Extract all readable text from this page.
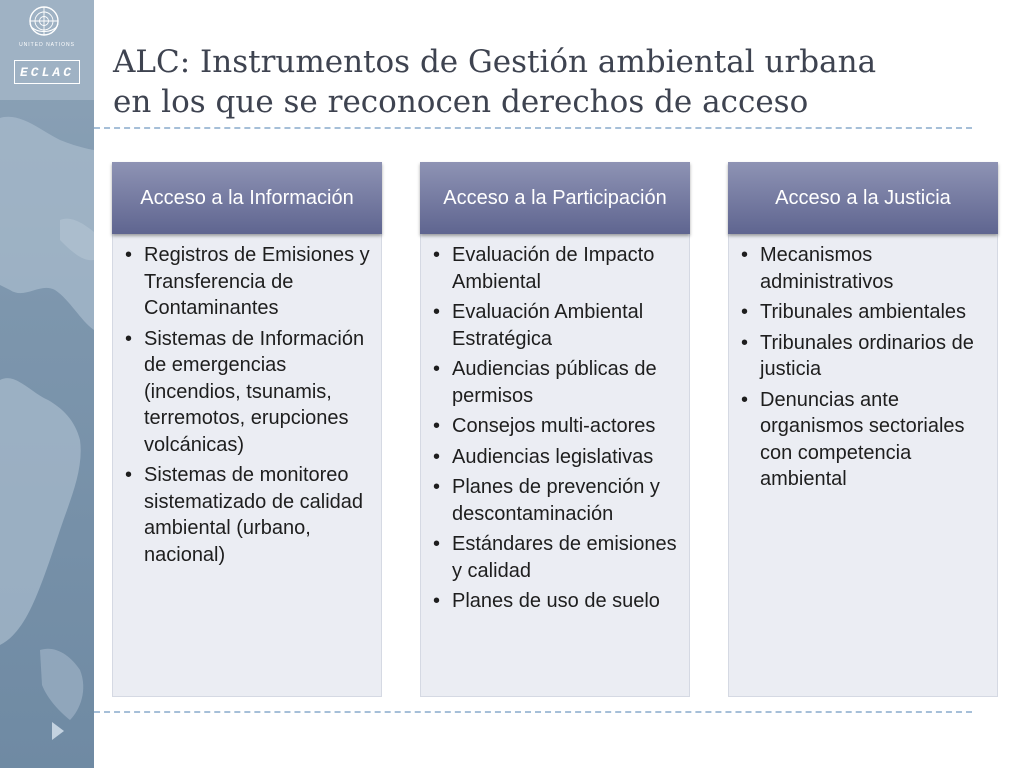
UNITED NATIONS
ECLAC ALC: Instrumentos de Gestión ambiental urbana
en los que se reconocen derechos de acceso
Acceso a la Información
• Registros de Emisiones y Transferencia de Contaminantes
• Sistemas de Información de emergencias (incendios, tsunamis, terremotos, erupciones volcánicas)
• Sistemas de monitoreo sistematizado de calidad ambiental (urbano, nacional)
Acceso a la Participación
• Evaluación de Impacto Ambiental
• Evaluación Ambiental Estratégica
• Audiencias públicas de permisos
• Consejos multi-actores
• Audiencias legislativas
• Planes de prevención y descontaminación
• Estándares de emisiones y calidad
• Planes de uso de suelo
Acceso a la Justicia
• Mecanismos administrativos
• Tribunales ambientales
• Tribunales ordinarios de justicia
• Denuncias ante organismos sectoriales con competencia ambiental
